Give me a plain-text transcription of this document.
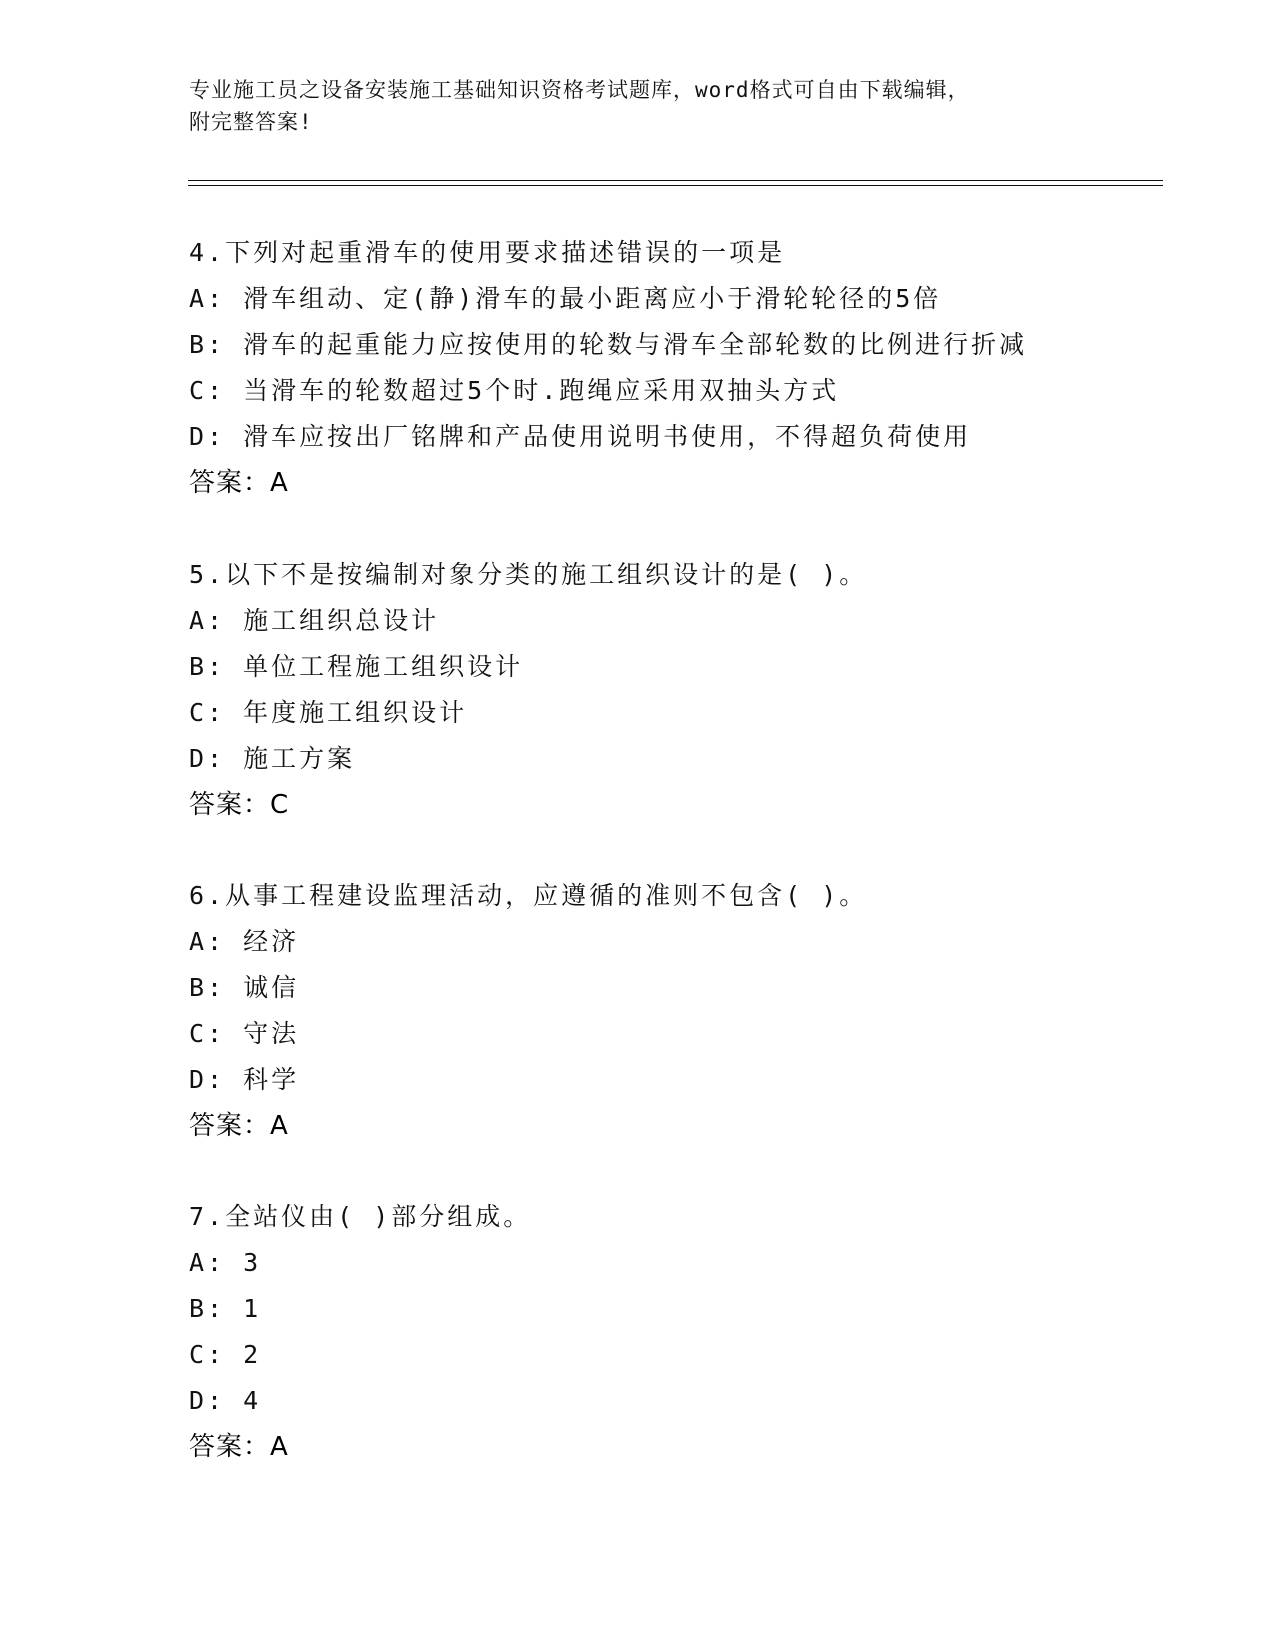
专业施工员之设备安装施工基础知识资格考试题库，word格式可自由下载编辑，
附完整答案!
4.下列对起重滑车的使用要求描述错误的一项是
A: 滑车组动、定(静)滑车的最小距离应小于滑轮轮径的5倍
B: 滑车的起重能力应按使用的轮数与滑车全部轮数的比例进行折减
C: 当滑车的轮数超过5个时.跑绳应采用双抽头方式
D: 滑车应按出厂铭牌和产品使用说明书使用，不得超负荷使用
答案：A
5.以下不是按编制对象分类的施工组织设计的是( )。
A: 施工组织总设计
B: 单位工程施工组织设计
C: 年度施工组织设计
D: 施工方案
答案：C
6.从事工程建设监理活动，应遵循的准则不包含( )。
A: 经济
B: 诚信
C: 守法
D: 科学
答案：A
7.全站仪由( )部分组成。
A: 3
B: 1
C: 2
D: 4
答案：A
